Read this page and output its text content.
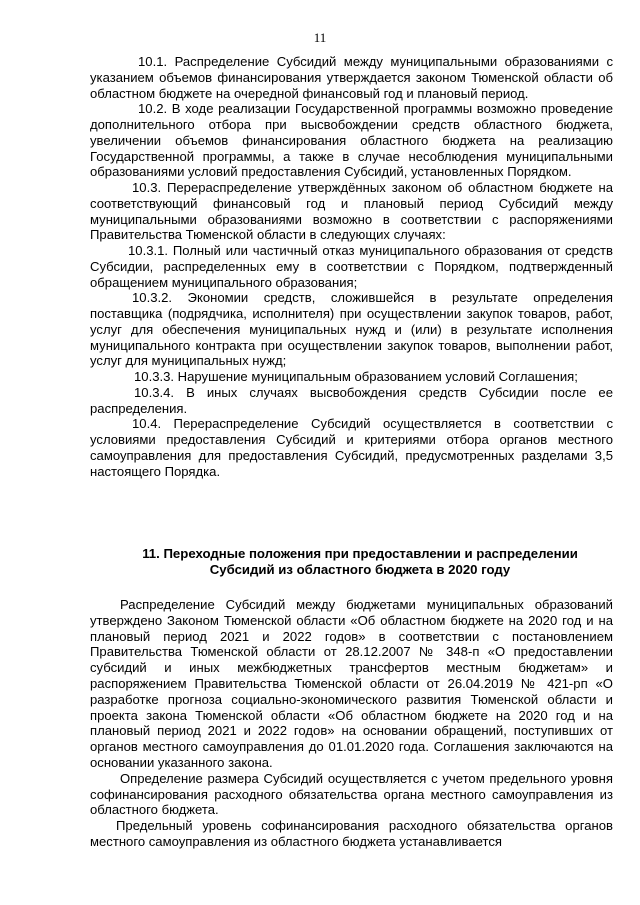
11

10.1. Распределение Субсидий между муниципальными образованиями с указанием объемов финансирования утверждается законом Тюменской области об областном бюджете на очередной финансовый год и плановый период.

10.2. В ходе реализации Государственной программы возможно проведение дополнительного отбора при высвобождении средств областного бюджета, увеличении объемов финансирования областного бюджета на реализацию Государственной программы, а также в случае несоблюдения муниципальными образованиями условий предоставления Субсидий, установленных Порядком.

10.3. Перераспределение утверждённых законом об областном бюджете на соответствующий финансовый год и плановый период Субсидий между муниципальными образованиями возможно в соответствии с распоряжениями Правительства Тюменской области в следующих случаях:

10.3.1. Полный или частичный отказ муниципального образования от средств Субсидии, распределенных ему в соответствии с Порядком, подтвержденный обращением муниципального образования;

10.3.2. Экономии средств, сложившейся в результате определения поставщика (подрядчика, исполнителя) при осуществлении закупок товаров, работ, услуг для обеспечения муниципальных нужд и (или) в результате исполнения муниципального контракта при осуществлении закупок товаров, выполнении работ, услуг для муниципальных нужд;

10.3.3. Нарушение муниципальным образованием условий Соглашения;

10.3.4. В иных случаях высвобождения средств Субсидии после ее распределения.

10.4. Перераспределение Субсидий осуществляется в соответствии с условиями предоставления Субсидий и критериями отбора органов местного самоуправления для предоставления Субсидий, предусмотренных разделами 3,5 настоящего Порядка.

11. Переходные положения при предоставлении и распределении Субсидий из областного бюджета в 2020 году

Распределение Субсидий между бюджетами муниципальных образований утверждено Законом Тюменской области «Об областном бюджете на 2020 год и на плановый период 2021 и 2022 годов» в соответствии с постановлением Правительства Тюменской области от 28.12.2007 № 348-п «О предоставлении субсидий и иных межбюджетных трансфертов местным бюджетам» и распоряжением Правительства Тюменской области от 26.04.2019 № 421-рп «О разработке прогноза социально-экономического развития Тюменской области и проекта закона Тюменской области «Об областном бюджете на 2020 год и на плановый период 2021 и 2022 годов» на основании обращений, поступивших от органов местного самоуправления до 01.01.2020 года. Соглашения заключаются на основании указанного закона.

Определение размера Субсидий осуществляется с учетом предельного уровня софинансирования расходного обязательства органа местного самоуправления из областного бюджета.

Предельный уровень софинансирования расходного обязательства органов местного самоуправления из областного бюджета устанавливается
